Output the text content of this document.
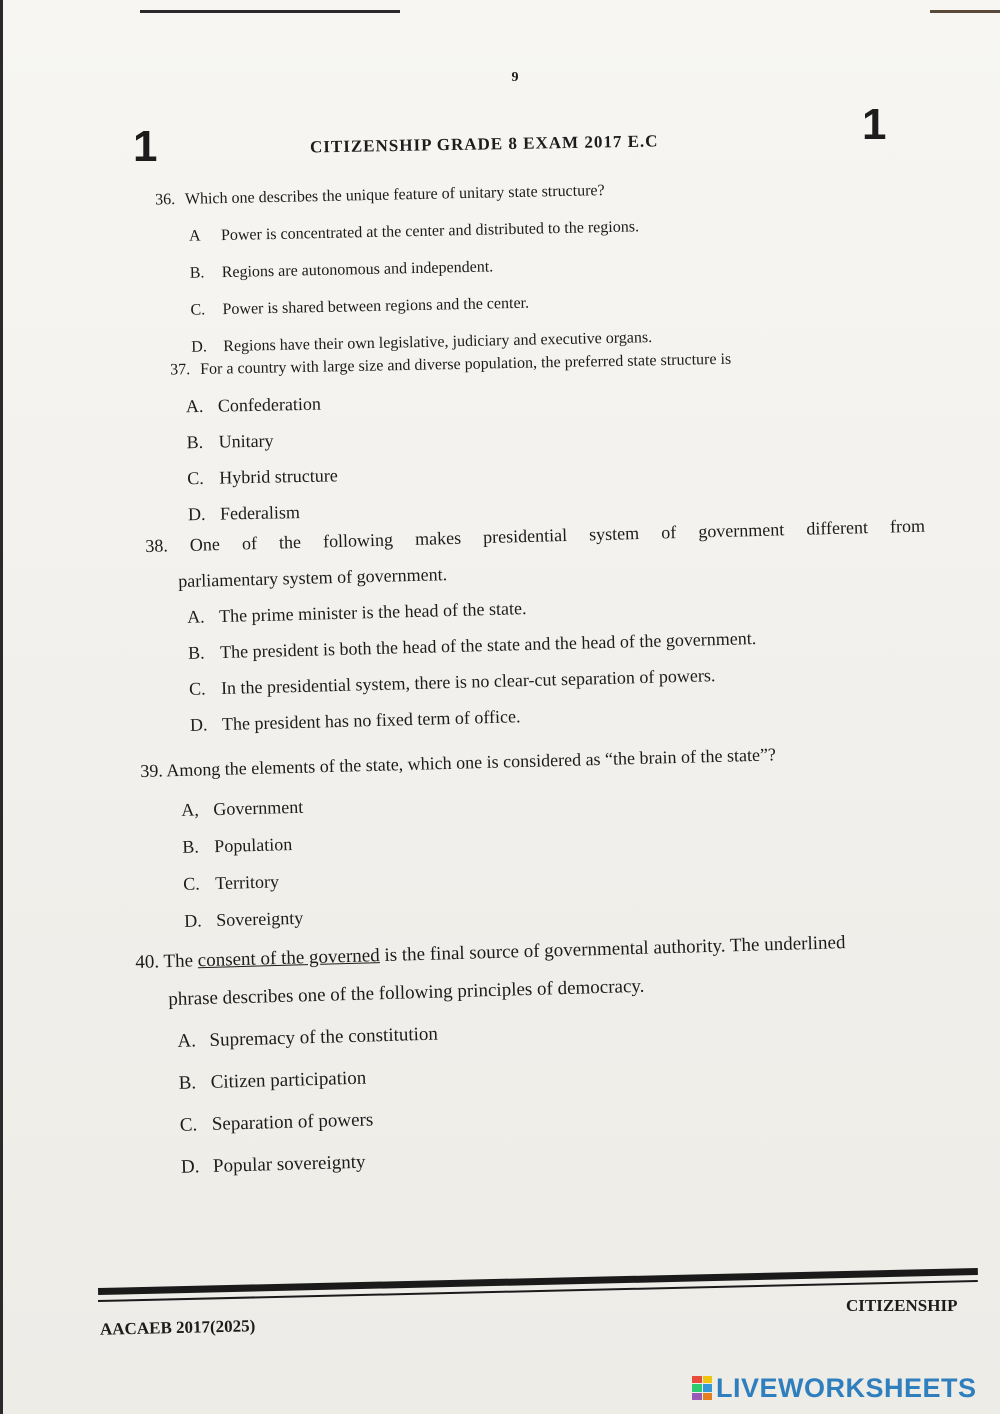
9
1	1
CITIZENSHIP GRADE 8 EXAM 2017 E.C
36. Which one describes the unique feature of unitary state structure?
A Power is concentrated at the center and distributed to the regions.
B. Regions are autonomous and independent.
C. Power is shared between regions and the center.
D. Regions have their own legislative, judiciary and executive organs.
37. For a country with large size and diverse population, the preferred state structure is
A. Confederation
B. Unitary
C. Hybrid structure
D. Federalism
38. One of the following makes presidential system of government different from
parliamentary system of government.
A. The prime minister is the head of the state.
B. The president is both the head of the state and the head of the government.
C. In the presidential system, there is no clear-cut separation of powers.
D. The president has no fixed term of office.
39. Among the elements of the state, which one is considered as “the brain of the state”?
A, Government
B. Population
C. Territory
D. Sovereignty
40. The consent of the governed is the final source of governmental authority. The underlined
phrase describes one of the following principles of democracy.
A. Supremacy of the constitution
B. Citizen participation
C. Separation of powers
D. Popular sovereignty
AACAEB 2017(2025)
CITIZENSHIP
LIVEWORKSHEETS
